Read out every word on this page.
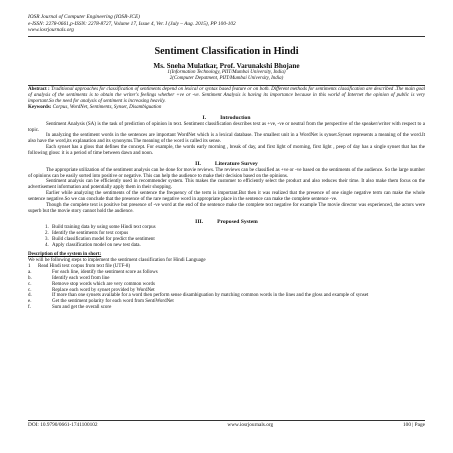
IOSR Journal of Computer Engineering (IOSR-JCE)
e-ISSN: 2278-0661,p-ISSN: 2278-8727, Volume 17, Issue 4, Ver. I (July – Aug. 2015), PP 100-102
www.iosrjournals.org
Sentiment Classification in Hindi
Ms. Sneha Mulatkar, Prof. Varunakshi Bhojane
1(Information Technology, PIIT/Mumbai University, India)
2(Computer Depatment, PIIT/Mumbai University, India)
Abstract : Traditional approaches for classification of sentiments depend on lexical or syntax based feature or on both. Different methods for sentiments classification are described .The main goal of analysis of the sentiments is to obtain the writer's feelings whether +ve or -ve. Sentiment Analysis is having its importance because in this world of Internet the opinion of public is very important.So the need for analysis of sentiment is increasing heavily.
Keywords: Corpus, WordNet, Sentiments, Synset, Disambiguation
I.          Introduction

Sentiment Analysis (SA) is the task of prediction of opinion in text. Sentiment classification describes text as +ve, -ve or neutral from the perspective of the speaker/writer with respect to a topic.

In analyzing the sentiment words in the sentences are important WordNet which is a lexical database. The smallest unit in a WordNet is synset.Synset represents a meaning of the word.It also have the word,its explanation and its synonyms.The meaning of the word is called its sense.

Each synset has a gloss that defines the concept. For example, the words early morning , break of day, and first light of morning, first light , peep of day has a single synset that has the following gloss: it is a period of time between dawn and noon.

II.          Literature Survey

The appropriate utilization of the sentiment analysis can be done for movie reviews. The reviews can be classified as +ve or -ve based on the sentiments of the audience. So the large number of opinions can be easily sorted into positive or negative. This can help the audience to make their decision based on the opinions.

Sentiment analysis can be efficiently used in recommender system. This makes the customer to efficiently select the product and also reduces their time. It also make them focus on the advertisement information and potentially apply them in their shopping.

Earlier while analyzing the sentiments of the sentence the frequency of the term is important.But then it was realized that the presence of one single negative term can make the whole sentence negative.So we can conclude that the presence of the rare negative word in appropriate place in the sentence can make the complete sentence -ve.

Though the complete text is positive but presence of -ve word at the end of the sentence make the complete text negative for example The movie director was experienced, the actors were superb but the movie story cannot hold the audience.

III.          Proposed System
1. Build training data by using some Hindi text corpus
2. Identify the sentiments for text corpus
3. Build classification model for predict the sentiment
4. Apply classification model on new test data.
Description of the system in short:

We will be following steps to implement the sentiment classification for Hindi Language

1	Read Hindi text corpus from text file (UTF-8)
a.	For each line, identify the sentiment score as follows
b.	Identify each word from line
c.	Remove stop words which are very common words
c.	Replace each word by synset provided by WordNet
d.	If more than one synsets available for a word then perform sense disambiguation by matching common words in the lines and the gloss and example of synset
e.	Get the sentiment polarity for each word from SentiWordNet
f.	Sum and get the overall score
DOI: 10.9790/0661-1741100102	www.iosrjournals.org	100 | Page
